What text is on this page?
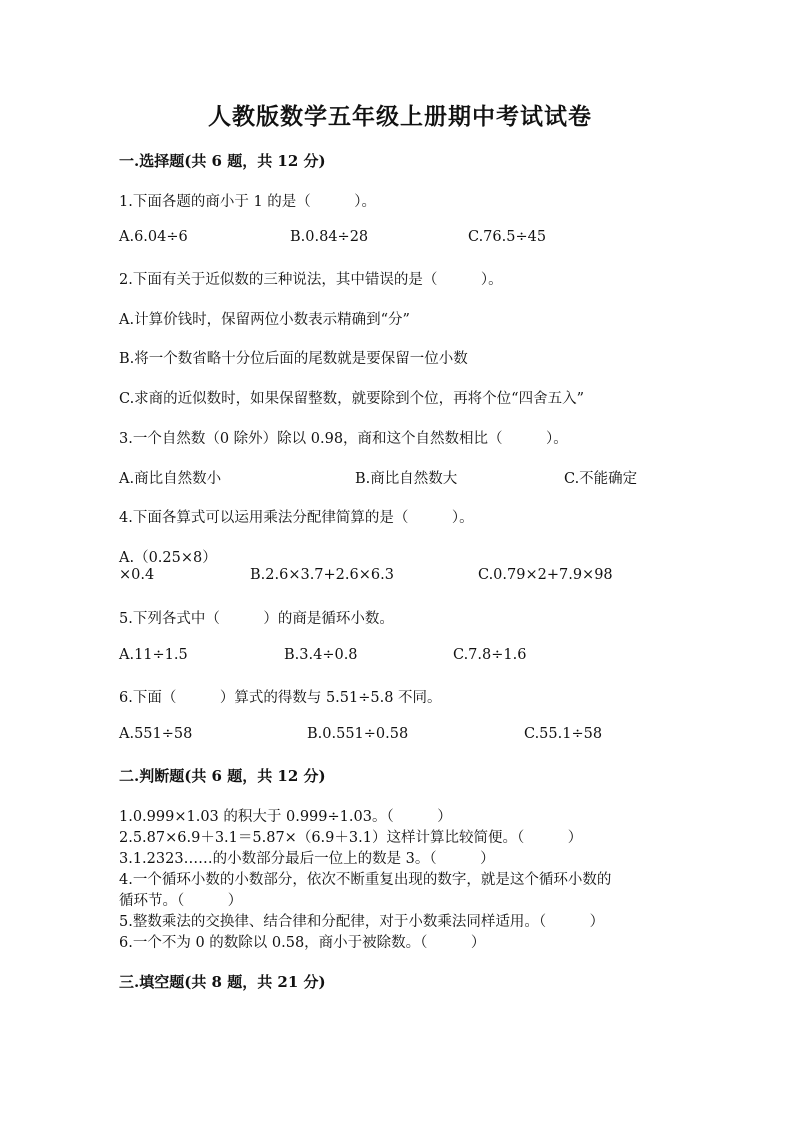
人教版数学五年级上册期中考试试卷
一.选择题(共 6 题，共 12 分)
1.下面各题的商小于 1 的是（　　　）。
A.6.04÷6	B.0.84÷28	C.76.5÷45
2.下面有关于近似数的三种说法，其中错误的是（　　　）。
A.计算价钱时，保留两位小数表示精确到“分”
B.将一个数省略十分位后面的尾数就是要保留一位小数
C.求商的近似数时，如果保留整数，就要除到个位，再将个位“四舍五入”
3.一个自然数（0 除外）除以 0.98，商和这个自然数相比（　　　）。
A.商比自然数小	B.商比自然数大	C.不能确定
4.下面各算式可以运用乘法分配律简算的是（　　　）。
A.（0.25×8）
×0.4	B.2.6×3.7+2.6×6.3	C.0.79×2+7.9×98
5.下列各式中（　　　）的商是循环小数。
A.11÷1.5	B.3.4÷0.8	C.7.8÷1.6
6.下面（　　　）算式的得数与 5.51÷5.8 不同。
A.551÷58	B.0.551÷0.58	C.55.1÷58
二.判断题(共 6 题，共 12 分)
1.0.999×1.03 的积大于 0.999÷1.03。（　　　）
2.5.87×6.9＋3.1＝5.87×（6.9＋3.1）这样计算比较简便。（　　　）
3.1.2323……的小数部分最后一位上的数是 3。（　　　）
4.一个循环小数的小数部分，依次不断重复出现的数字，就是这个循环小数的
循环节。（　　　）
5.整数乘法的交换律、结合律和分配律，对于小数乘法同样适用。（　　　）
6.一个不为 0 的数除以 0.58，商小于被除数。（　　　）
三.填空题(共 8 题，共 21 分)
